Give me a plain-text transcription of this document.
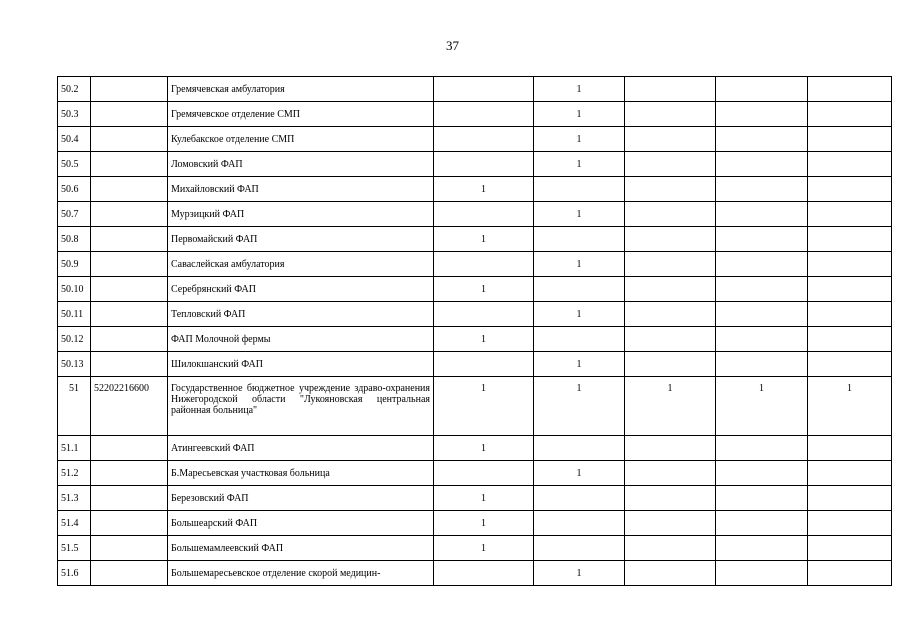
37
50.2		Гремячевская амбулатория		1			
50.3		Гремячевское отделение СМП		1			
50.4		Кулебакское отделение СМП		1			
50.5		Ломовский ФАП		1			
50.6		Михайловский ФАП	1				
50.7		Мурзицкий ФАП		1			
50.8		Первомайский ФАП	1				
50.9		Саваслейская амбулатория		1			
50.10		Серебрянский ФАП	1				
50.11		Тепловский ФАП		1			
50.12		ФАП Молочной фермы	1				
50.13		Шилокшанский ФАП		1			
51	52202216600	Государственное бюджетное учреждение здраво-охранения Нижегородской области "Лукояновская центральная районная больница"	1	1	1	1	1
51.1		Атингеевский ФАП	1				
51.2		Б.Маресьевская участковая больница		1			
51.3		Березовский ФАП	1				
51.4		Большеарский ФАП	1				
51.5		Большемамлеевский ФАП	1				
51.6		Большемаресьевское отделение скорой медицин-		1			
